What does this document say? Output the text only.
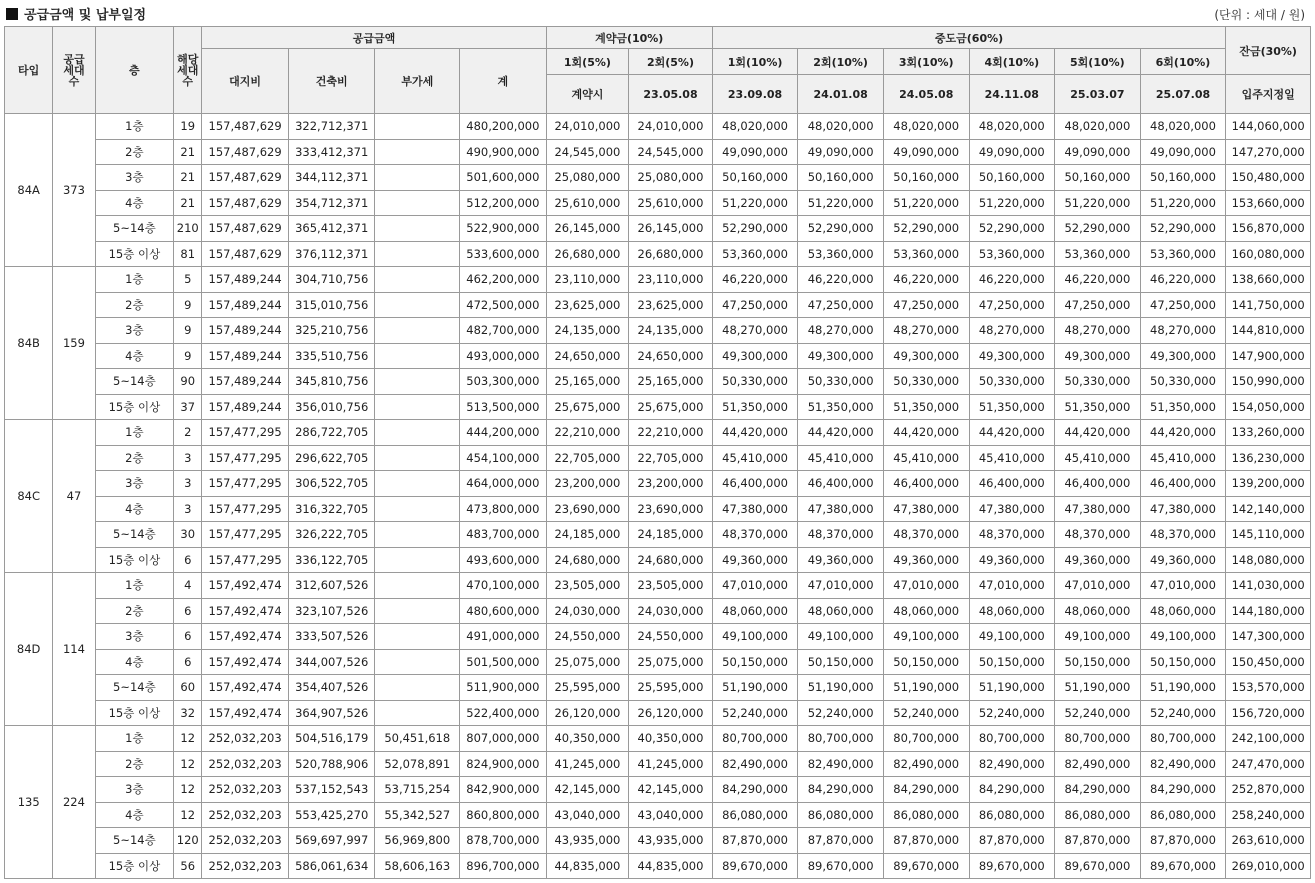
공급금액 및 납부일정	(단위 : 세대 / 원)
타입	공급세대수	층	해당세대수	공급금액				계약금(10%)		중도금(60%)						잔금(30%)
				대지비	건축비	부가세	계	1회(5%)	2회(5%)	1회(10%)	2회(10%)	3회(10%)	4회(10%)	5회(10%)	6회(10%)	
								계약시	23.05.08	23.09.08	24.01.08	24.05.08	24.11.08	25.03.07	25.07.08	입주지정일
84A	373	1층	19	157,487,629	322,712,371		480,200,000	24,010,000	24,010,000	48,020,000	48,020,000	48,020,000	48,020,000	48,020,000	48,020,000	144,060,000
		2층	21	157,487,629	333,412,371		490,900,000	24,545,000	24,545,000	49,090,000	49,090,000	49,090,000	49,090,000	49,090,000	49,090,000	147,270,000
		3층	21	157,487,629	344,112,371		501,600,000	25,080,000	25,080,000	50,160,000	50,160,000	50,160,000	50,160,000	50,160,000	50,160,000	150,480,000
		4층	21	157,487,629	354,712,371		512,200,000	25,610,000	25,610,000	51,220,000	51,220,000	51,220,000	51,220,000	51,220,000	51,220,000	153,660,000
		5~14층	210	157,487,629	365,412,371		522,900,000	26,145,000	26,145,000	52,290,000	52,290,000	52,290,000	52,290,000	52,290,000	52,290,000	156,870,000
		15층 이상	81	157,487,629	376,112,371		533,600,000	26,680,000	26,680,000	53,360,000	53,360,000	53,360,000	53,360,000	53,360,000	53,360,000	160,080,000
84B	159	1층	5	157,489,244	304,710,756		462,200,000	23,110,000	23,110,000	46,220,000	46,220,000	46,220,000	46,220,000	46,220,000	46,220,000	138,660,000
		2층	9	157,489,244	315,010,756		472,500,000	23,625,000	23,625,000	47,250,000	47,250,000	47,250,000	47,250,000	47,250,000	47,250,000	141,750,000
		3층	9	157,489,244	325,210,756		482,700,000	24,135,000	24,135,000	48,270,000	48,270,000	48,270,000	48,270,000	48,270,000	48,270,000	144,810,000
		4층	9	157,489,244	335,510,756		493,000,000	24,650,000	24,650,000	49,300,000	49,300,000	49,300,000	49,300,000	49,300,000	49,300,000	147,900,000
		5~14층	90	157,489,244	345,810,756		503,300,000	25,165,000	25,165,000	50,330,000	50,330,000	50,330,000	50,330,000	50,330,000	50,330,000	150,990,000
		15층 이상	37	157,489,244	356,010,756		513,500,000	25,675,000	25,675,000	51,350,000	51,350,000	51,350,000	51,350,000	51,350,000	51,350,000	154,050,000
84C	47	1층	2	157,477,295	286,722,705		444,200,000	22,210,000	22,210,000	44,420,000	44,420,000	44,420,000	44,420,000	44,420,000	44,420,000	133,260,000
		2층	3	157,477,295	296,622,705		454,100,000	22,705,000	22,705,000	45,410,000	45,410,000	45,410,000	45,410,000	45,410,000	45,410,000	136,230,000
		3층	3	157,477,295	306,522,705		464,000,000	23,200,000	23,200,000	46,400,000	46,400,000	46,400,000	46,400,000	46,400,000	46,400,000	139,200,000
		4층	3	157,477,295	316,322,705		473,800,000	23,690,000	23,690,000	47,380,000	47,380,000	47,380,000	47,380,000	47,380,000	47,380,000	142,140,000
		5~14층	30	157,477,295	326,222,705		483,700,000	24,185,000	24,185,000	48,370,000	48,370,000	48,370,000	48,370,000	48,370,000	48,370,000	145,110,000
		15층 이상	6	157,477,295	336,122,705		493,600,000	24,680,000	24,680,000	49,360,000	49,360,000	49,360,000	49,360,000	49,360,000	49,360,000	148,080,000
84D	114	1층	4	157,492,474	312,607,526		470,100,000	23,505,000	23,505,000	47,010,000	47,010,000	47,010,000	47,010,000	47,010,000	47,010,000	141,030,000
		2층	6	157,492,474	323,107,526		480,600,000	24,030,000	24,030,000	48,060,000	48,060,000	48,060,000	48,060,000	48,060,000	48,060,000	144,180,000
		3층	6	157,492,474	333,507,526		491,000,000	24,550,000	24,550,000	49,100,000	49,100,000	49,100,000	49,100,000	49,100,000	49,100,000	147,300,000
		4층	6	157,492,474	344,007,526		501,500,000	25,075,000	25,075,000	50,150,000	50,150,000	50,150,000	50,150,000	50,150,000	50,150,000	150,450,000
		5~14층	60	157,492,474	354,407,526		511,900,000	25,595,000	25,595,000	51,190,000	51,190,000	51,190,000	51,190,000	51,190,000	51,190,000	153,570,000
		15층 이상	32	157,492,474	364,907,526		522,400,000	26,120,000	26,120,000	52,240,000	52,240,000	52,240,000	52,240,000	52,240,000	52,240,000	156,720,000
135	224	1층	12	252,032,203	504,516,179	50,451,618	807,000,000	40,350,000	40,350,000	80,700,000	80,700,000	80,700,000	80,700,000	80,700,000	80,700,000	242,100,000
		2층	12	252,032,203	520,788,906	52,078,891	824,900,000	41,245,000	41,245,000	82,490,000	82,490,000	82,490,000	82,490,000	82,490,000	82,490,000	247,470,000
		3층	12	252,032,203	537,152,543	53,715,254	842,900,000	42,145,000	42,145,000	84,290,000	84,290,000	84,290,000	84,290,000	84,290,000	84,290,000	252,870,000
		4층	12	252,032,203	553,425,270	55,342,527	860,800,000	43,040,000	43,040,000	86,080,000	86,080,000	86,080,000	86,080,000	86,080,000	86,080,000	258,240,000
		5~14층	120	252,032,203	569,697,997	56,969,800	878,700,000	43,935,000	43,935,000	87,870,000	87,870,000	87,870,000	87,870,000	87,870,000	87,870,000	263,610,000
		15층 이상	56	252,032,203	586,061,634	58,606,163	896,700,000	44,835,000	44,835,000	89,670,000	89,670,000	89,670,000	89,670,000	89,670,000	89,670,000	269,010,000
